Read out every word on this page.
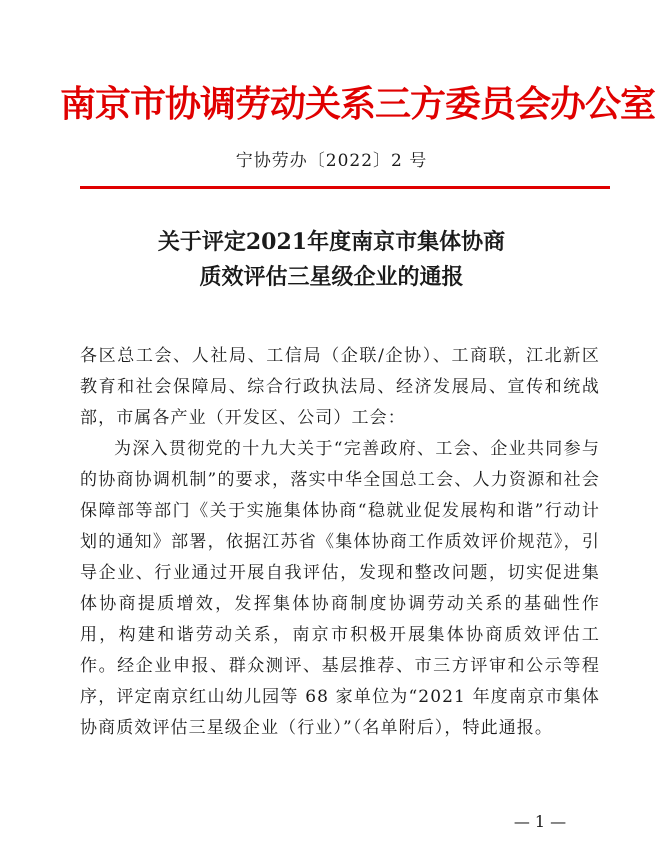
南京市协调劳动关系三方委员会办公室
宁协劳办〔2022〕2 号
关于评定2021年度南京市集体协商
质效评估三星级企业的通报
各区总工会、人社局、工信局（企联/企协）、工商联，江北新区教育和社会保障局、综合行政执法局、经济发展局、宣传和统战部，市属各产业（开发区、公司）工会：
为深入贯彻党的十九大关于“完善政府、工会、企业共同参与的协商协调机制”的要求，落实中华全国总工会、人力资源和社会保障部等部门《关于实施集体协商“稳就业促发展构和谐”行动计划的通知》部署，依据江苏省《集体协商工作质效评价规范》，引导企业、行业通过开展自我评估，发现和整改问题，切实促进集体协商提质增效，发挥集体协商制度协调劳动关系的基础性作用，构建和谐劳动关系，南京市积极开展集体协商质效评估工作。经企业申报、群众测评、基层推荐、市三方评审和公示等程序，评定南京红山幼儿园等 68 家单位为“2021 年度南京市集体协商质效评估三星级企业（行业）”（名单附后），特此通报。
— 1 —
